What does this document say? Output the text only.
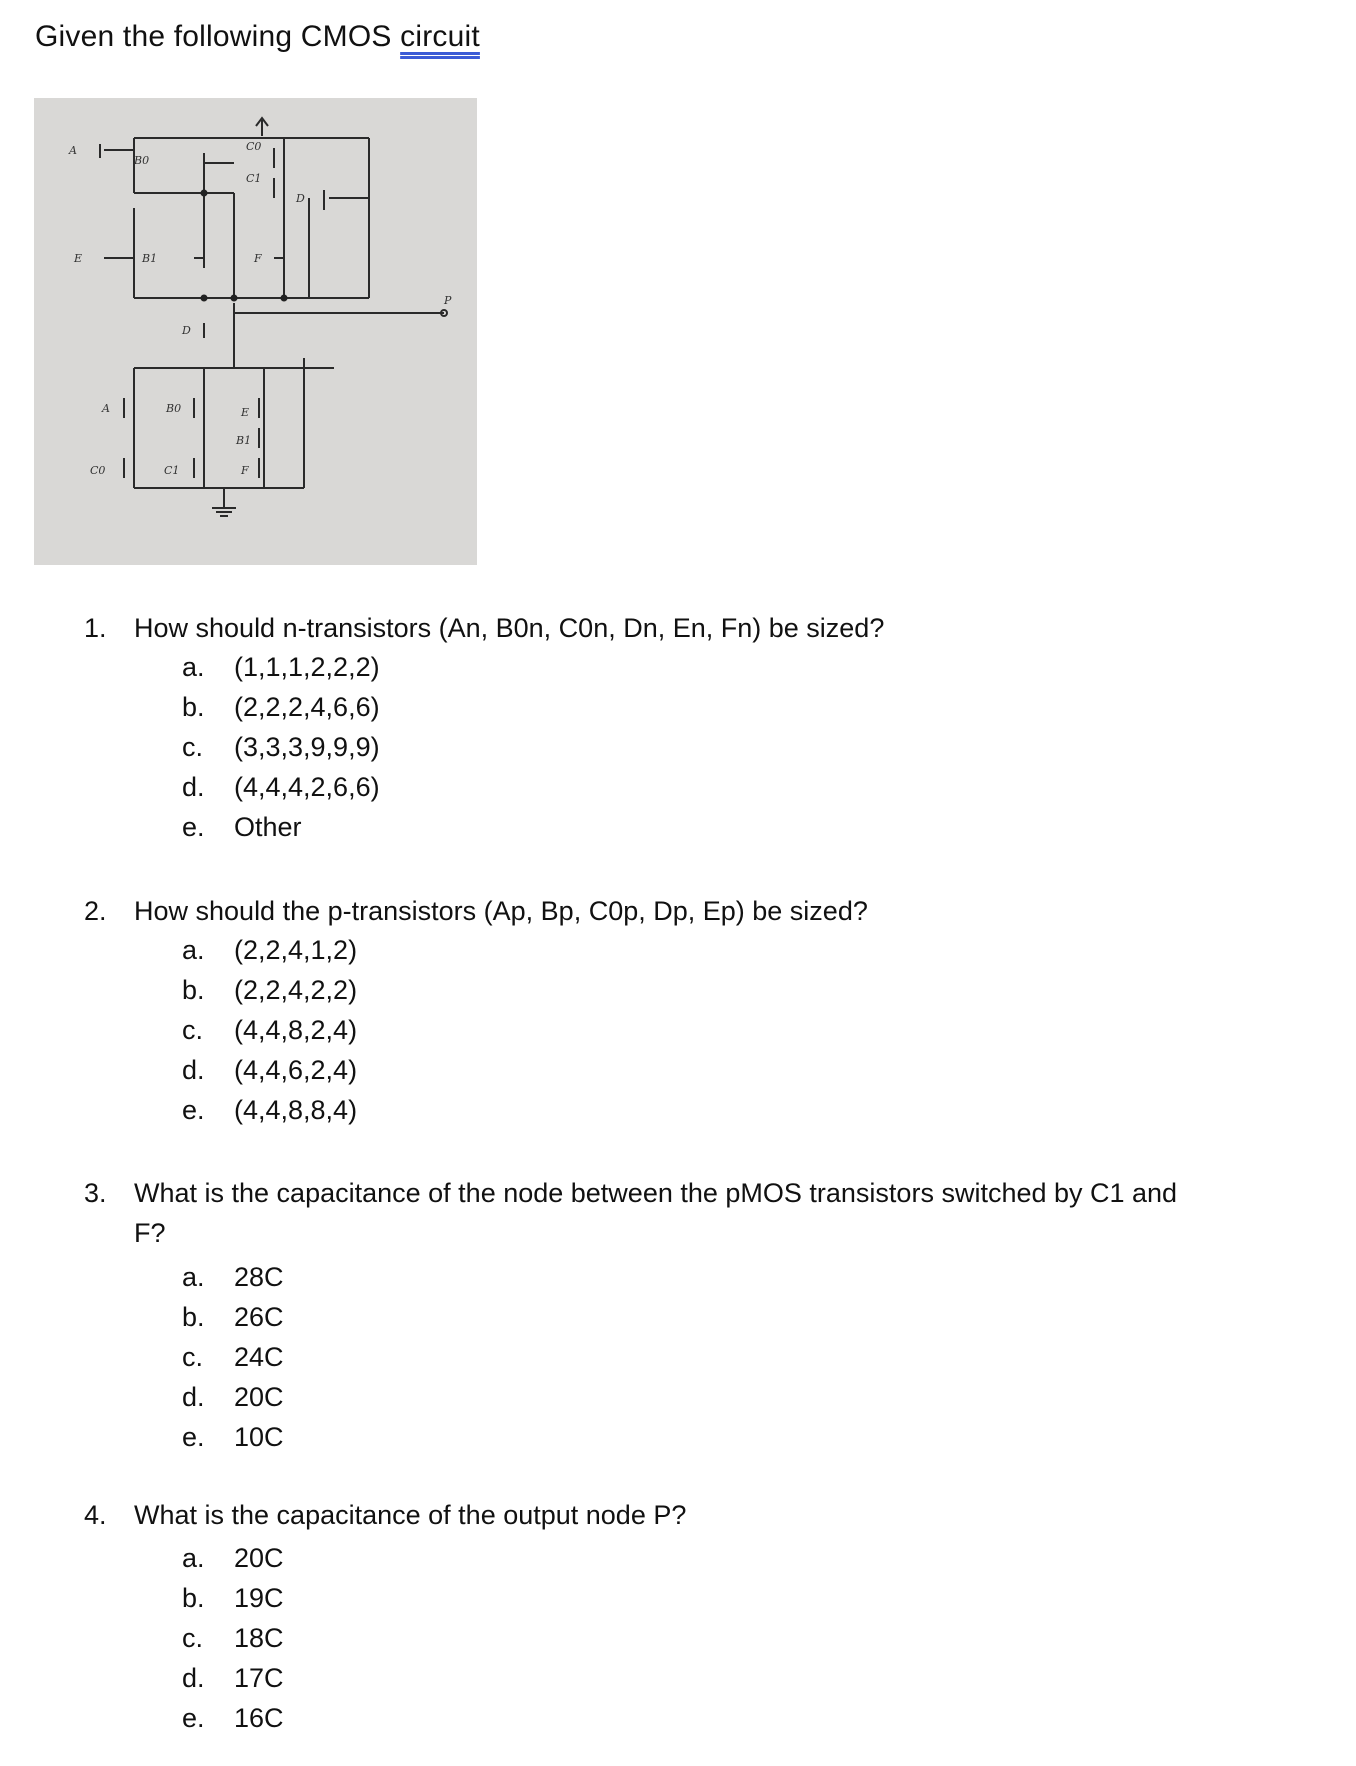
Given the following CMOS circuit
A
B0
C0
C1
D
E	B1	F
P
D
A	B0	E
B1
C0	C1	F
1. How should n-transistors (An, B0n, C0n, Dn, En, Fn) be sized?
a. (1,1,1,2,2,2)
b. (2,2,2,4,6,6)
c. (3,3,3,9,9,9)
d. (4,4,4,2,6,6)
e. Other
2. How should the p-transistors (Ap, Bp, C0p, Dp, Ep) be sized?
a. (2,2,4,1,2)
b. (2,2,4,2,2)
c. (4,4,8,2,4)
d. (4,4,6,2,4)
e. (4,4,8,8,4)
3. What is the capacitance of the node between the pMOS transistors switched by C1 and
F?
a. 28C
b. 26C
c. 24C
d. 20C
e. 10C
4. What is the capacitance of the output node P?
a. 20C
b. 19C
c. 18C
d. 17C
e. 16C
